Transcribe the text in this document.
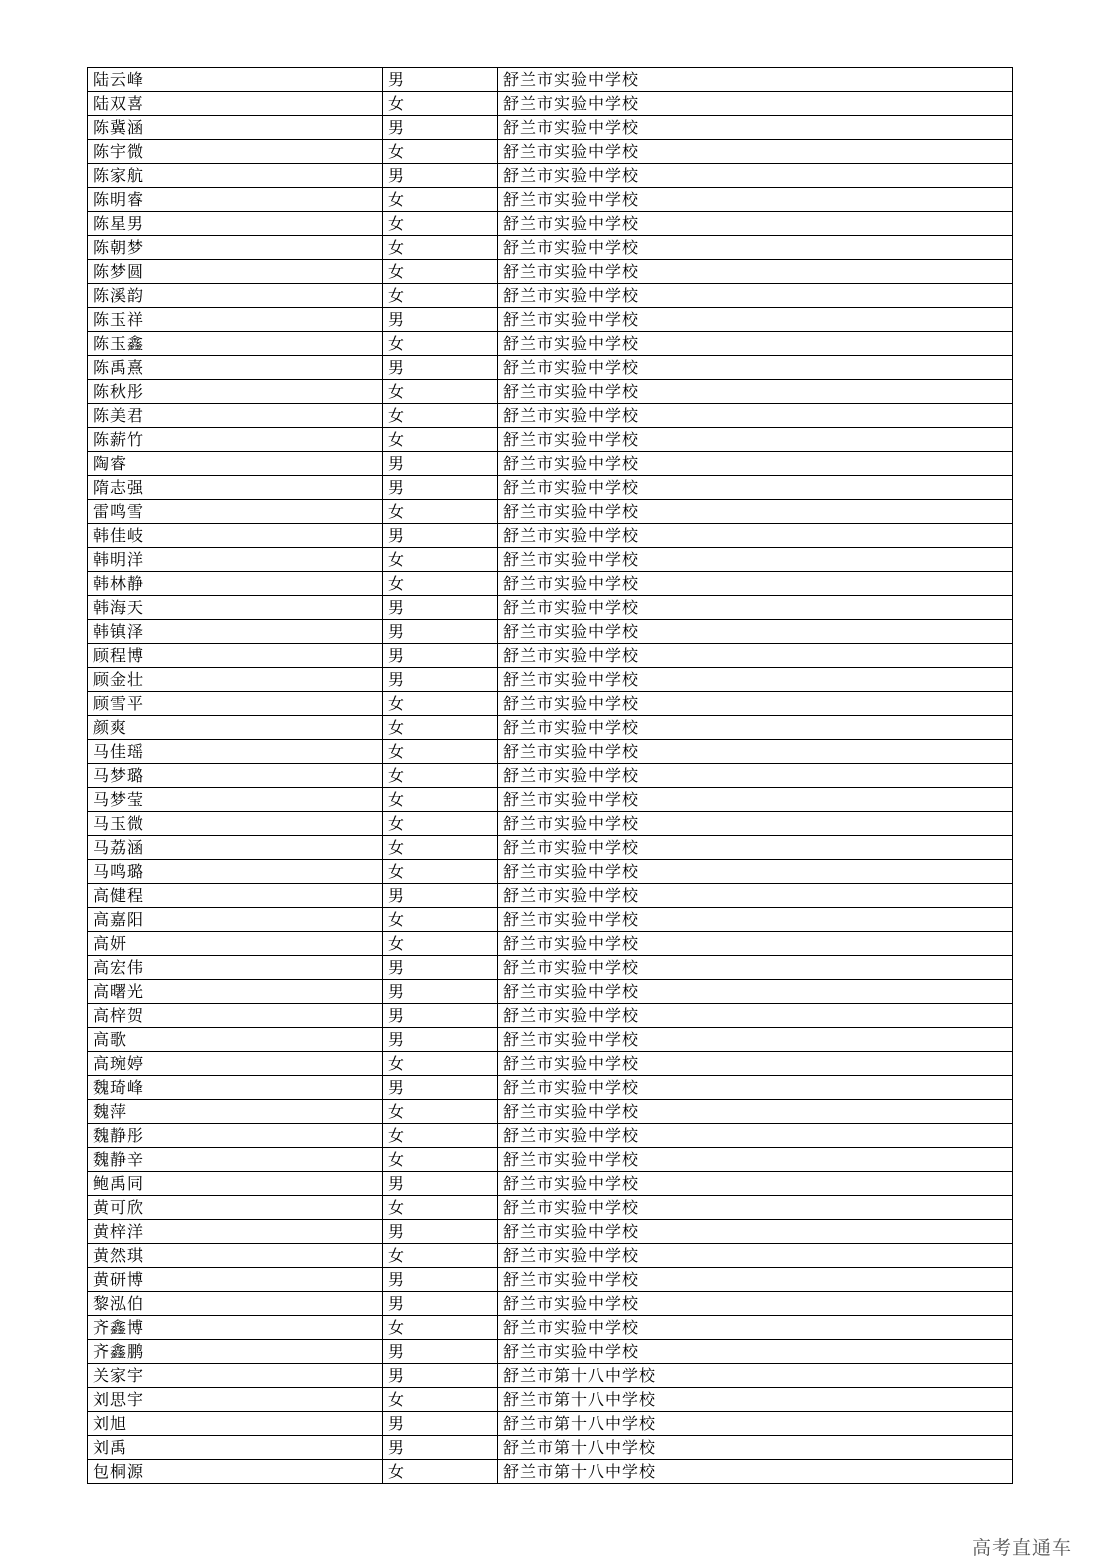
陆云峰	男	舒兰市实验中学校
陆双喜	女	舒兰市实验中学校
陈冀涵	男	舒兰市实验中学校
陈宇微	女	舒兰市实验中学校
陈家航	男	舒兰市实验中学校
陈明睿	女	舒兰市实验中学校
陈星男	女	舒兰市实验中学校
陈朝梦	女	舒兰市实验中学校
陈梦圆	女	舒兰市实验中学校
陈溪韵	女	舒兰市实验中学校
陈玉祥	男	舒兰市实验中学校
陈玉鑫	女	舒兰市实验中学校
陈禹熹	男	舒兰市实验中学校
陈秋彤	女	舒兰市实验中学校
陈美君	女	舒兰市实验中学校
陈薪竹	女	舒兰市实验中学校
陶睿	男	舒兰市实验中学校
隋志强	男	舒兰市实验中学校
雷鸣雪	女	舒兰市实验中学校
韩佳岐	男	舒兰市实验中学校
韩明洋	女	舒兰市实验中学校
韩林静	女	舒兰市实验中学校
韩海天	男	舒兰市实验中学校
韩镇泽	男	舒兰市实验中学校
顾程博	男	舒兰市实验中学校
顾金壮	男	舒兰市实验中学校
顾雪平	女	舒兰市实验中学校
颜爽	女	舒兰市实验中学校
马佳瑶	女	舒兰市实验中学校
马梦璐	女	舒兰市实验中学校
马梦莹	女	舒兰市实验中学校
马玉微	女	舒兰市实验中学校
马荔涵	女	舒兰市实验中学校
马鸣璐	女	舒兰市实验中学校
高健程	男	舒兰市实验中学校
高嘉阳	女	舒兰市实验中学校
高妍	女	舒兰市实验中学校
高宏伟	男	舒兰市实验中学校
高曙光	男	舒兰市实验中学校
高梓贺	男	舒兰市实验中学校
高歌	男	舒兰市实验中学校
高琬婷	女	舒兰市实验中学校
魏琦峰	男	舒兰市实验中学校
魏萍	女	舒兰市实验中学校
魏静彤	女	舒兰市实验中学校
魏静辛	女	舒兰市实验中学校
鲍禹同	男	舒兰市实验中学校
黄可欣	女	舒兰市实验中学校
黄梓洋	男	舒兰市实验中学校
黄然琪	女	舒兰市实验中学校
黄研博	男	舒兰市实验中学校
黎泓伯	男	舒兰市实验中学校
齐鑫博	女	舒兰市实验中学校
齐鑫鹏	男	舒兰市实验中学校
关家宇	男	舒兰市第十八中学校
刘思宇	女	舒兰市第十八中学校
刘旭	男	舒兰市第十八中学校
刘禹	男	舒兰市第十八中学校
包桐源	女	舒兰市第十八中学校
高考直通车
